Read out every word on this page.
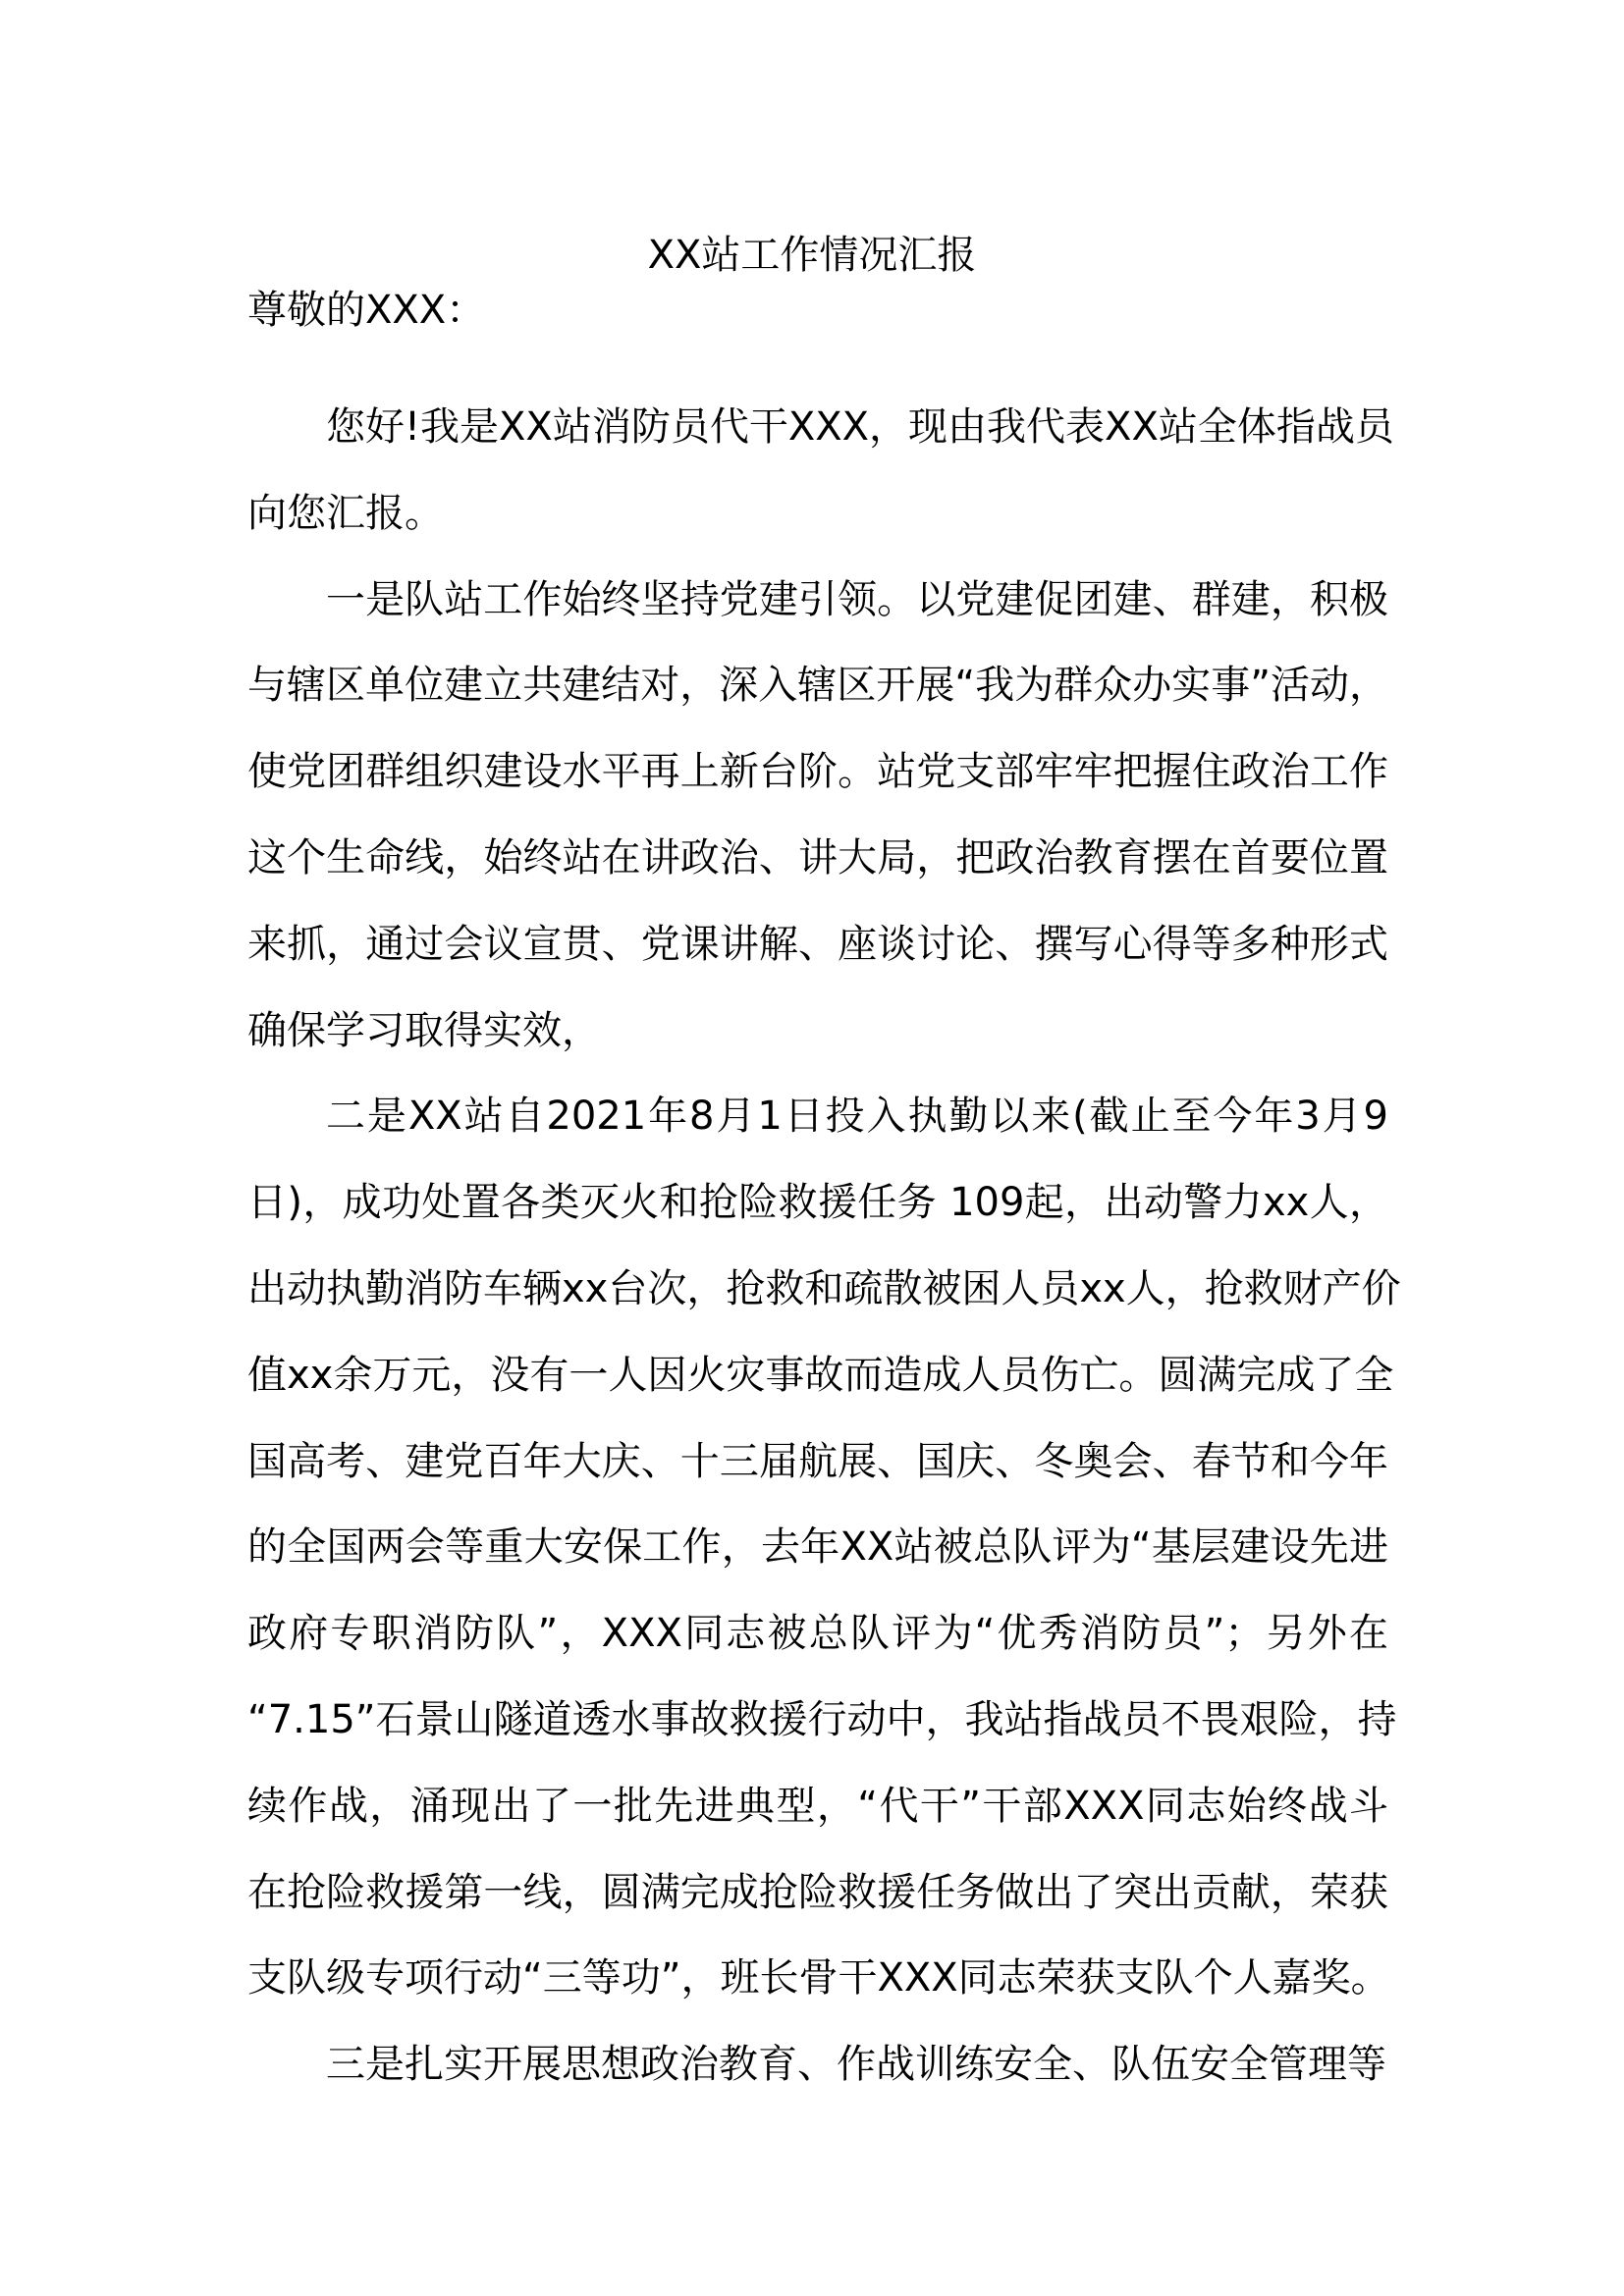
XX站工作情况汇报
尊敬的XXX：
您好!我是XX站消防员代干XXX，现由我代表XX站全体指战员
向您汇报。
一是队站工作始终坚持党建引领。以党建促团建、群建，积极
与辖区单位建立共建结对，深入辖区开展“我为群众办实事”活动，
使党团群组织建设水平再上新台阶。站党支部牢牢把握住政治工作
这个生命线，始终站在讲政治、讲大局，把政治教育摆在首要位置
来抓，通过会议宣贯、党课讲解、座谈讨论、撰写心得等多种形式
确保学习取得实效，
二是XX站自2021年8月1日投入执勤以来(截止至今年3月9
日)，成功处置各类灭火和抢险救援任务 109起，出动警力xx人，
出动执勤消防车辆xx台次，抢救和疏散被困人员xx人，抢救财产价
值xx余万元，没有一人因火灾事故而造成人员伤亡。圆满完成了全
国高考、建党百年大庆、十三届航展、国庆、冬奥会、春节和今年
的全国两会等重大安保工作，去年XX站被总队评为“基层建设先进
政府专职消防队”，XXX同志被总队评为“优秀消防员”；另外在
“7.15”石景山隧道透水事故救援行动中，我站指战员不畏艰险，持
续作战，涌现出了一批先进典型，“代干”干部XXX同志始终战斗
在抢险救援第一线，圆满完成抢险救援任务做出了突出贡献，荣获
支队级专项行动“三等功”，班长骨干XXX同志荣获支队个人嘉奖。
三是扎实开展思想政治教育、作战训练安全、队伍安全管理等
